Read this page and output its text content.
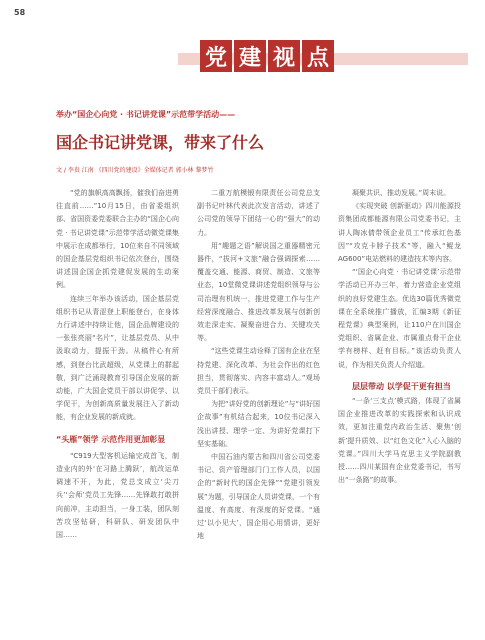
58
党 建 视 点
举办“国企心向党 · 书记讲党课”示范带学活动——
国企书记讲党课，带来了什么
文 / 李贵 江南 《四川党的建设》全媒体记者 郭小林 黎梦竹

“党的旗帜高高飘扬，催我们奋进勇往直前……”10月15日，由省委组织部、省国资委党委联合主办的“国企心向党 · 书记讲党课”示范带学活动微党课集中展示在成都举行，10位来自不同领域的国企基层党组织书记依次登台，围绕讲述国企国企抓党建促发展的生动案例。

连续三年举办该活动，国企基层党组织书记从青涩登上职能登台，在身体力行讲述中持续让他，国企品牌建设的一张张亮丽“名片”，让基层党员、从中汲取动力，提振干劲。从稿件心有所感，到登台比武超级，从党课上的群起敬，到广泛涌现教育引导国企发展的新动能，广大国企党员干部以讲促学、以学促干，为创新高质量发展注入了新动能，有企业发展的新成就。

“头雁”领学 示范作用更加彰显

“C919大型客机运输完成首飞，制造业内的外‘在习路上腾跃’，航改运单调速不开，为此，党总支成立‘尖刀兵’‘会师’党员工先锋……先锋敢打敢拼向前冲，主动担当，一身工装，团队刻苦攻坚钻研，科研队、研发团队中国……

二重万航模锻有限责任公司党总支副书记叶林代表此次发言活动，讲述了公司党的领导下团结一心的“强大”的动力。

用“趣题之语”解说国之重器精密元器件，“拔河+文旅”融合强调探索……覆盖交通、能源、商贸、制造、文旅等业态，10堂微党课讲述党组织领导与公司治理有机统一，推进党建工作与生产经营深度融合、推进改革发展与创新创效走深走实、凝聚奋进合力、关键攻关等。

“这些党课生动诠释了国有企业在坚持党建、深化改革、为社会作出的红色担当，贯彻落实、内容丰富动人。”观场党员干部们表示。

为把“讲好党的创新理论”与“讲好国企故事”有机结合起来，10位书记深入浅出讲授、理学一定、为讲好党课打下坚实基础。

中国石油内蒙古和四川省公司党委书记、资产管理部门门工作人员，以国企的“新时代的国企先锋”“党建引领发展”为题，引导国企人员讲党课，一个有温度、有高度、有深度的好党课。“通过‘以小见大’，国企用心用情讲，更好地

凝聚共识、推动发展。”周末说。

《实现突破 创新驱动》四川能源投资集团成都能源有限公司党委书记，主讲人陶冰倩带领企业员工“传承红色基因”“攻克卡脖子技术”等，融入“鲲龙AG600”电站燃料的建造技术等内容。

“‘国企心向党 · 书记讲党课’示范带学活动已开办三年，着力营造企业党组织的良好党建生态。优选30篇优秀微党课在全系统推广播放，汇编3期《新征程党课》典型案例，让110户在川国企党组织、省属企业、市属重点骨干企业学有榜样、赶有目标。”该活动负责人说，作为相关负责人介绍道。

层层带动 以学促干更有担当

“一条‘三支点’模式路，体现了省属国企业推进改革的实践探索和认识成效，更加注重党内政治生活、聚焦‘创新’提升质效、以“红色文化”入心入脑的党课。”四川大学马克思主义学院副教授……四川某国有企业党委书记，书写出“一条路”的故事。
